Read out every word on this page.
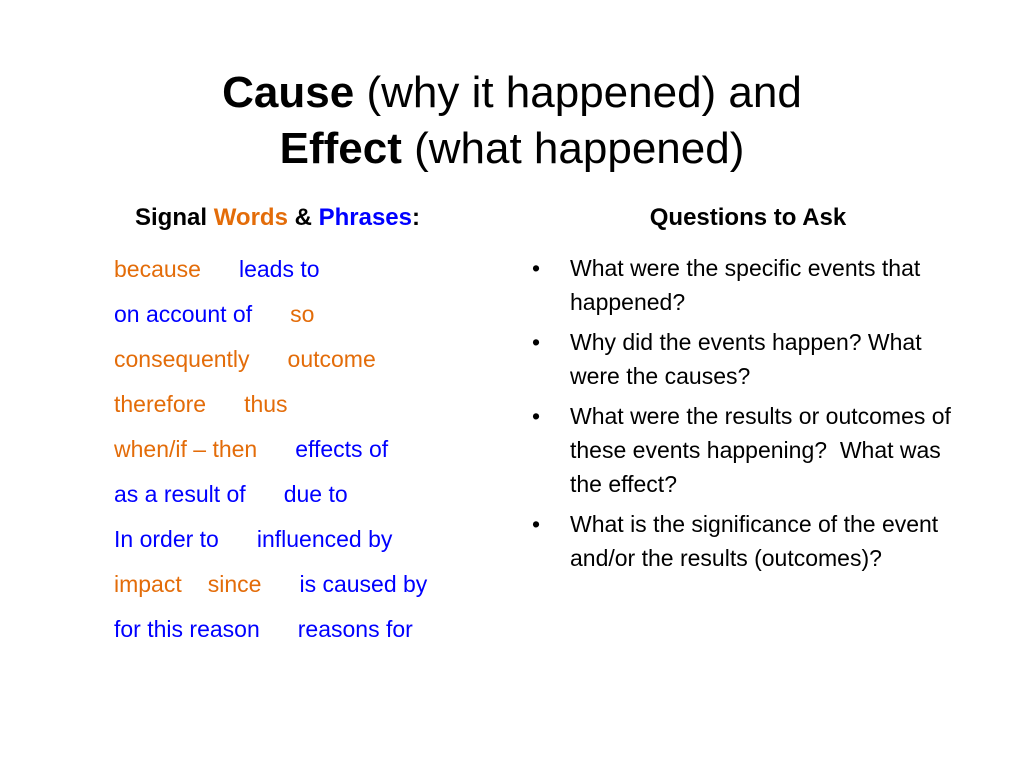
Cause (why it happened) and
Effect (what happened)
Signal Words & Phrases:	Questions to Ask
because leads to
on account of so
consequently outcome
therefore thus
when/if – then effects of
as a result of due to
In order to influenced by
impact since is caused by
for this reason reasons for
• What were the specific events that happened?
• Why did the events happen? What were the causes?
• What were the results or outcomes of these events happening?  What was the effect?
• What is the significance of the event and/or the results (outcomes)?
